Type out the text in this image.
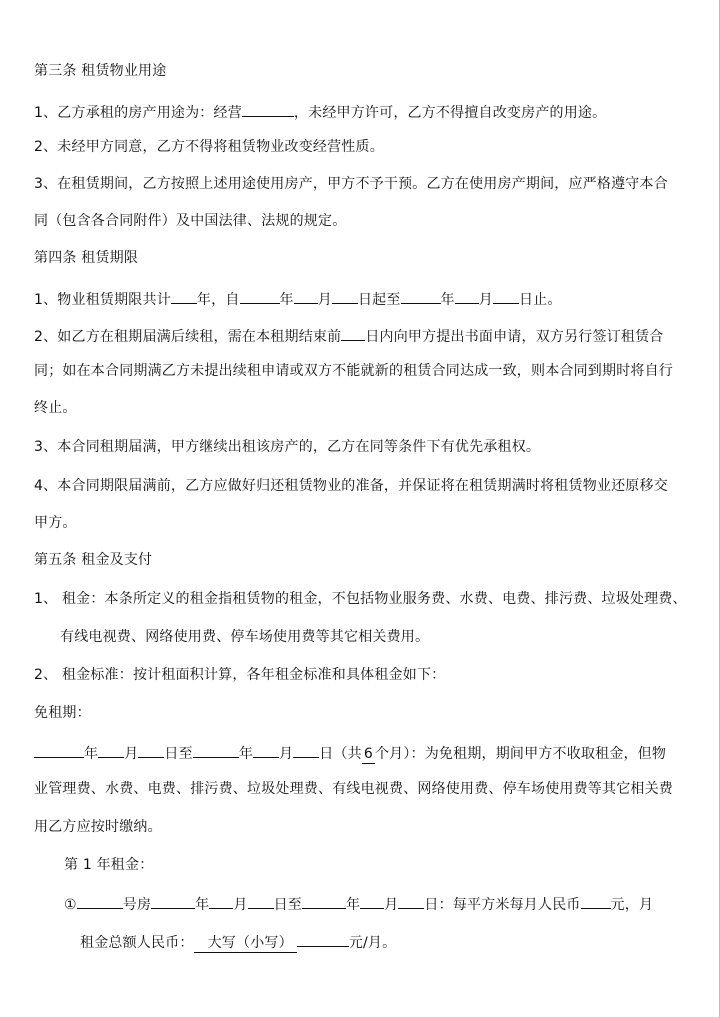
第三条 租赁物业用途
1、乙方承租的房产用途为：经营	，未经甲方许可，乙方不得擅自改变房产的用途。
2、未经甲方同意，乙方不得将租赁物业改变经营性质。
3、在租赁期间，乙方按照上述用途使用房产，甲方不予干预。乙方在使用房产期间，应严格遵守本合
同（包含各合同附件）及中国法律、法规的规定。
第四条 租赁期限
1、物业租赁期限共计 年，自	年 月 日起至	年 月 日止。
2、如乙方在租期届满后续租，需在本租期结束前 日内向甲方提出书面申请，双方另行签订租赁合
同；如在本合同期满乙方未提出续租申请或双方不能就新的租赁合同达成一致，则本合同到期时将自行
终止。
3、本合同租期届满，甲方继续出租该房产的，乙方在同等条件下有优先承租权。
4、本合同期限届满前，乙方应做好归还租赁物业的准备，并保证将在租赁期满时将租赁物业还原移交
甲方。
第五条 租金及支付
1、 租金：本条所定义的租金指租赁物的租金，不包括物业服务费、水费、电费、排污费、垃圾处理费、
有线电视费、网络使用费、停车场使用费等其它相关费用。
2、 租金标准：按计租面积计算，各年租金标准和具体租金如下：
免租期：
年 月 日至	年 月 日（共 6 个月）：为免租期，期间甲方不收取租金，但物
业管理费、水费、电费、排污费、垃圾处理费、有线电视费、网络使用费、停车场使用费等其它相关费
用乙方应按时缴纳。
第 1 年租金：
①	号房	年 月 日至	年 月 日：每平方米每月人民币 元，月
租金总额人民币： 大写（小写）	元/月。
